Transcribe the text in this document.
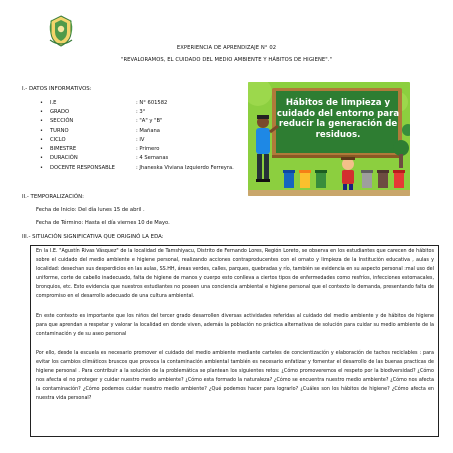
EXPERIENCIA DE APRENDIZAJE N° 02
"REVALORAMOS, EL CUIDADO DEL MEDIO AMBIENTE Y HÁBITOS DE HIGIENE"."
I.- DATOS INFORMATIVOS:
•	I.E	: N° 601582
•	GRADO	: 3°
•	SECCIÓN	: "A" y "B"
•	TURNO	: Mañana
•	CICLO	: IV
•	BIMESTRE	: Primero
•	DURACIÓN	: 4 Semanas
•	DOCENTE RESPONSABLE	: Jhaneska Viviana Izquierdo Ferreyra.
Hábitos de limpieza y cuidado del entorno para reducir la generación de residuos.
II.- TEMPORALIZACIÓN:
Fecha de Inicio: Del día lunes 15 de abril .
Fecha de Término: Hasta el día viernes 10 de Mayo.
III.- SITUACIÓN SIGNIFICATIVA QUE ORIGINÓ LA EDA:
En la I.E. "Agustín Rivas Vásquez" de la localidad de Tamshiyacu, Distrito de Fernando Lores, Región Loreto, se observa en los estudiantes que carecen de hábitos sobre el cuidado del medio ambiente e higiene personal, realizando acciones contraproducentes con el ornato y limpieza de la Institución educativa , aulas y localidad: desechan sus desperdicios en las aulas, SS.HH, áreas verdes, calles, parques, quebradas y río, también se evidencia en su aspecto personal :mal uso del uniforme, corte de cabello inadecuado, falta de higiene de manos y cuerpo esto conlleva a ciertos tipos de enfermedades como resfríos, infecciones estomacales, bronquios, etc. Esto evidencia que nuestros estudiantes no poseen una conciencia ambiental e higiene personal que el contexto lo demanda, presentando falta de compromiso en el desarrollo adecuado de una cultura ambiental.
En este contexto es importante que los niños del tercer grado desarrollen diversas actividades referidas al cuidado del medio ambiente y de hábitos de higiene para que aprendan a respetar y valorar la localidad en donde viven, además la población no práctica alternativas de solución para cuidar su medio ambiente de la contaminación y de su aseo personal
Por ello, desde la escuela es necesario promover el cuidado del medio ambiente mediante carteles de concientización y elaboración de tachos reciclables : para evitar los cambios climáticos bruscos que provoca la contaminación ambiental también es necesario enfatizar y fomentar el desarrollo de las buenas practicas de higiene personal . Para contribuir a la solución de la problemática se plantean los siguientes retos: ¿Cómo promoveremos el respeto por la biodiversidad? ¿Cómo nos afecta el no proteger y cuidar nuestro medio ambiente? ¿Cómo esta formado la naturaleza? ¿Cómo se encuentra nuestro medio ambiente? ¿Cómo nos afecta la contaminación? ¿Cómo podemos cuidar nuestro medio ambiente? ¿Qué podemos hacer para lograrlo? ¿Cuáles son los hábitos de higiene? ¿Cómo afecta en nuestra vida personal?
